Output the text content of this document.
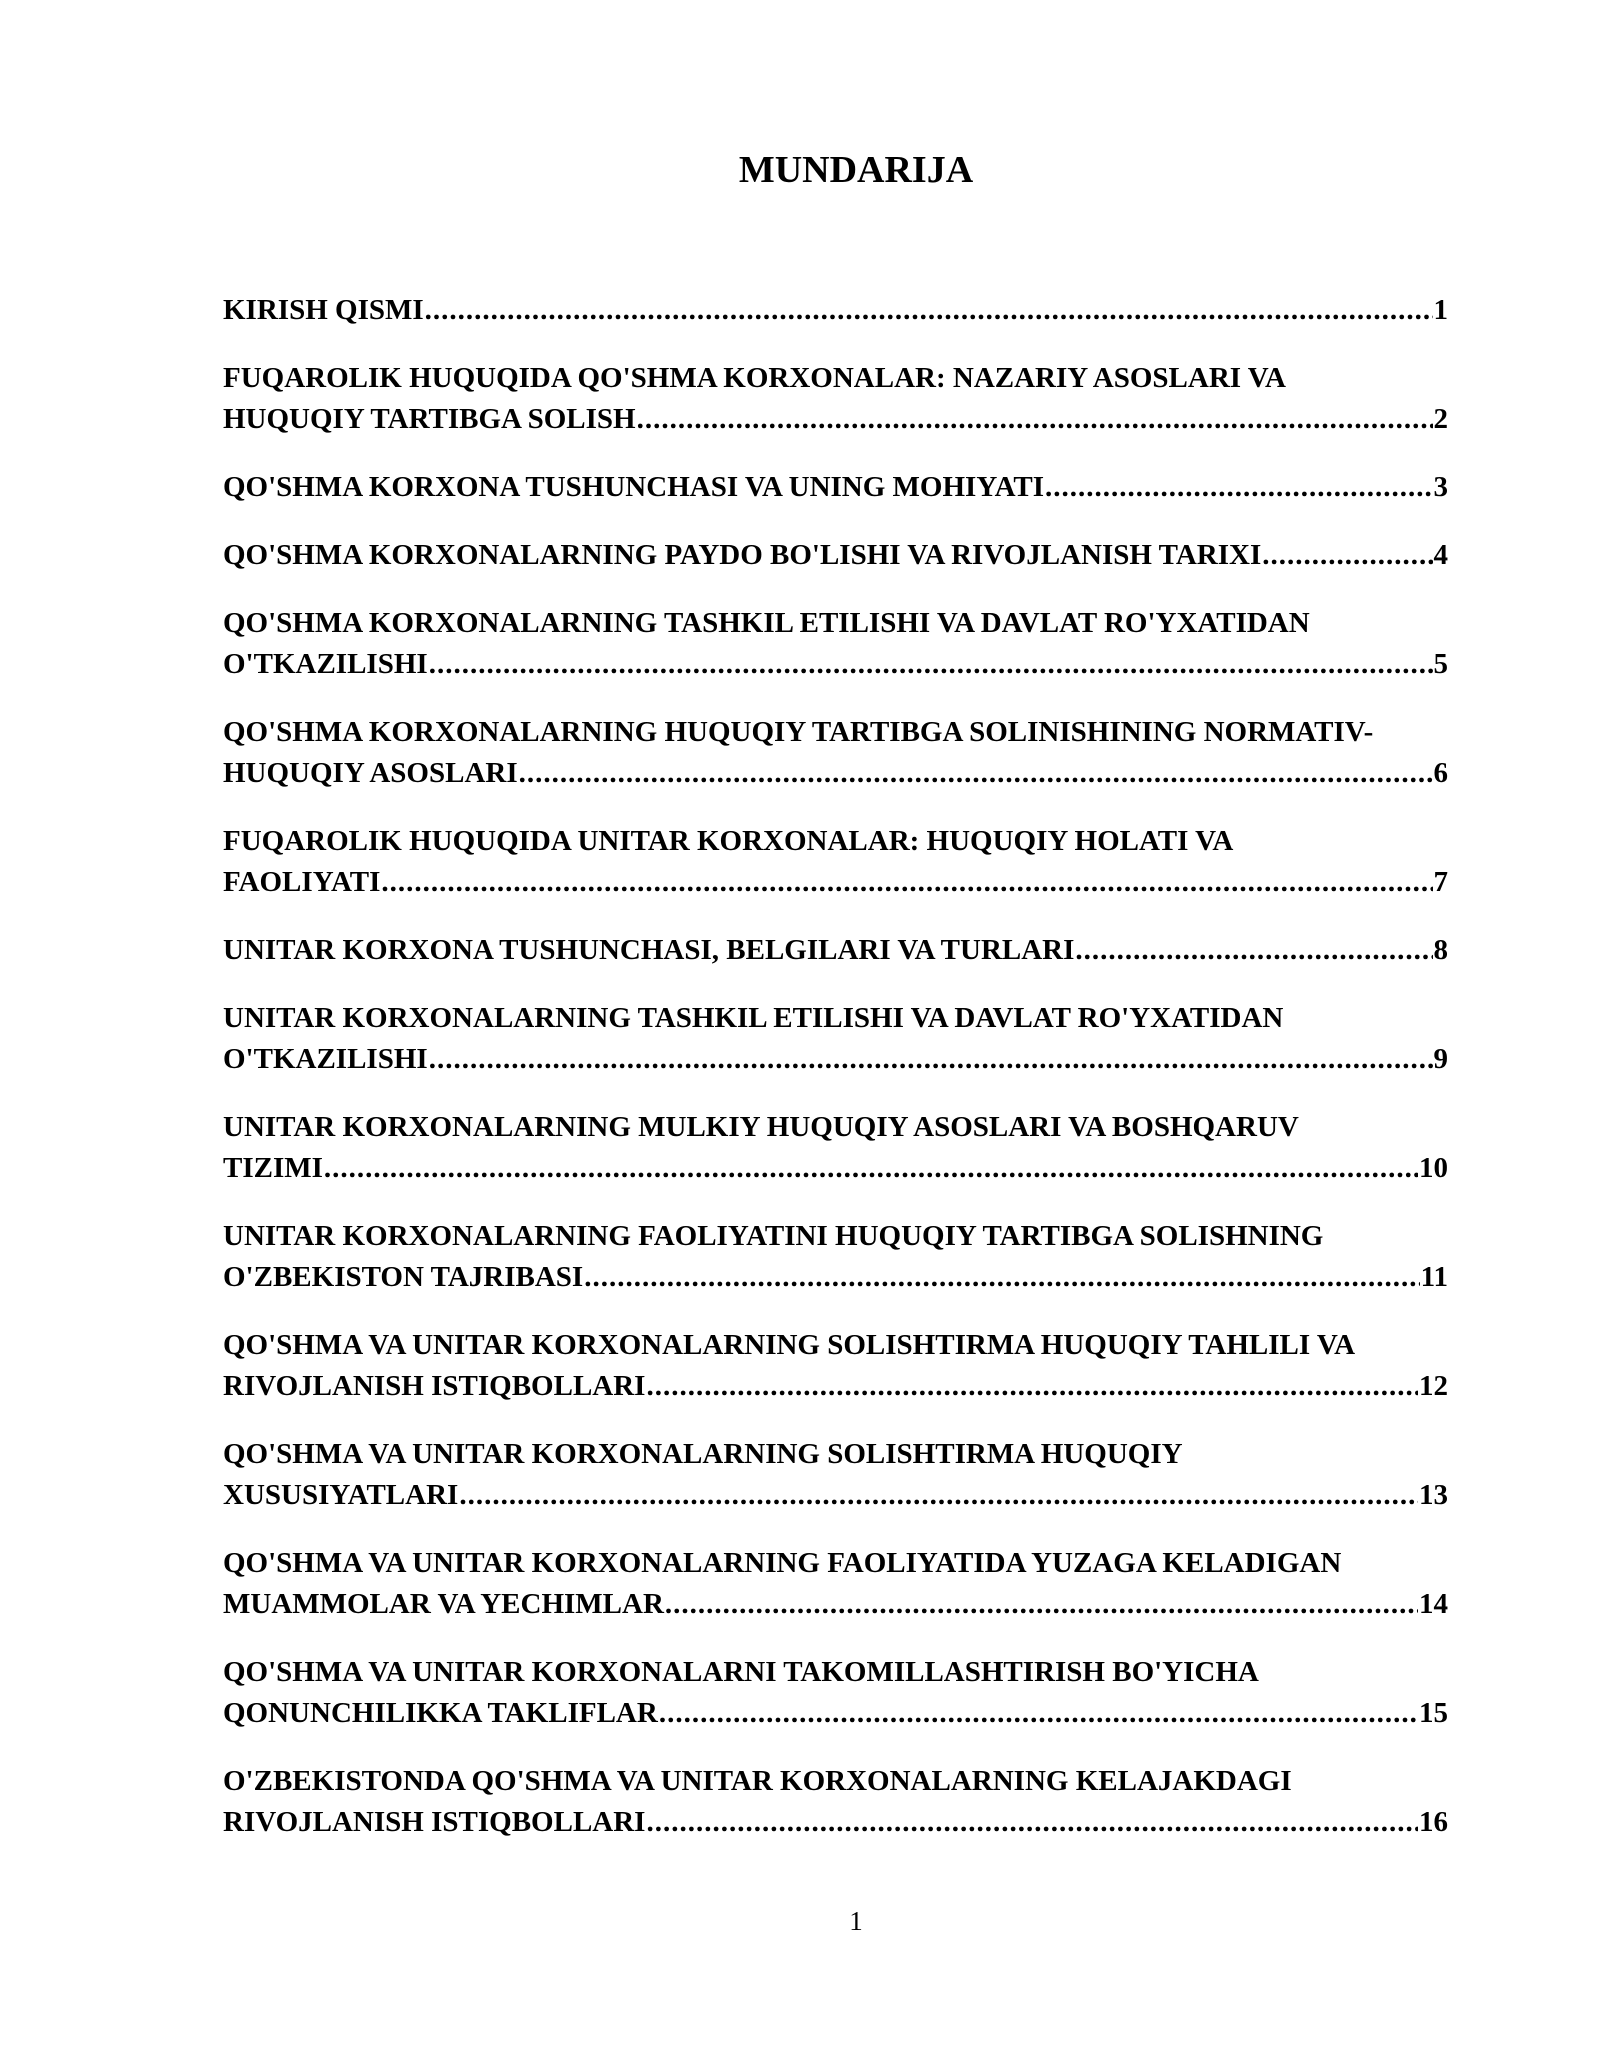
MUNDARIJA
KIRISH QISMI .....	1
FUQAROLIK HUQUQIDA QO'SHMA KORXONALAR: NAZARIY ASOSLARI VA
HUQUQIY TARTIBGA SOLISH .....	2
QO'SHMA KORXONA TUSHUNCHASI VA UNING MOHIYATI .....	3
QO'SHMA KORXONALARNING PAYDO BO'LISHI VA RIVOJLANISH TARIXI .....	4
QO'SHMA KORXONALARNING TASHKIL ETILISHI VA DAVLAT RO'YXATIDAN
O'TKAZILISHI .....	5
QO'SHMA KORXONALARNING HUQUQIY TARTIBGA SOLINISHINING NORMATIV-
HUQUQIY ASOSLARI .....	6
FUQAROLIK HUQUQIDA UNITAR KORXONALAR: HUQUQIY HOLATI VA
FAOLIYATI .....	7
UNITAR KORXONA TUSHUNCHASI, BELGILARI VA TURLARI .....	8
UNITAR KORXONALARNING TASHKIL ETILISHI VA DAVLAT RO'YXATIDAN
O'TKAZILISHI .....	9
UNITAR KORXONALARNING MULKIY HUQUQIY ASOSLARI VA BOSHQARUV
TIZIMI .....	10
UNITAR KORXONALARNING FAOLIYATINI HUQUQIY TARTIBGA SOLISHNING
O'ZBEKISTON TAJRIBASI .....	11
QO'SHMA VA UNITAR KORXONALARNING SOLISHTIRMA HUQUQIY TAHLILI VA
RIVOJLANISH ISTIQBOLLARI .....	12
QO'SHMA VA UNITAR KORXONALARNING SOLISHTIRMA HUQUQIY
XUSUSIYATLARI .....	13
QO'SHMA VA UNITAR KORXONALARNING FAOLIYATIDA YUZAGA KELADIGAN
MUAMMOLAR VA YECHIMLAR .....	14
QO'SHMA VA UNITAR KORXONALARNI TAKOMILLASHTIRISH BO'YICHA
QONUNCHILIKKA TAKLIFLAR .....	15
O'ZBEKISTONDA QO'SHMA VA UNITAR KORXONALARNING KELAJAKDAGI
RIVOJLANISH ISTIQBOLLARI .....	16
1
